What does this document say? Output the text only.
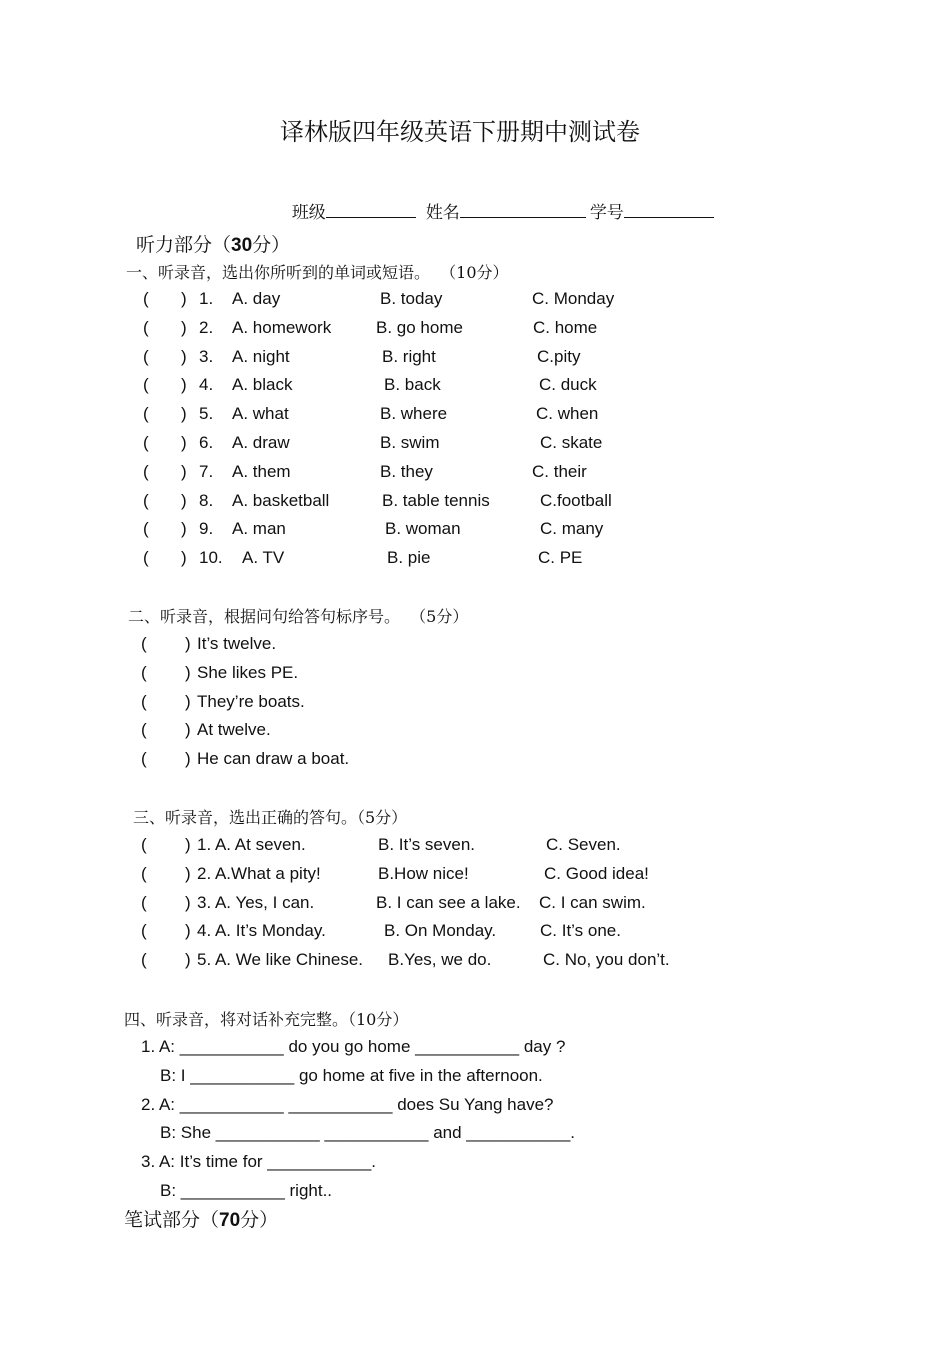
译林版四年级英语下册期中测试卷

班级	姓名	学号

听力部分（30分）
一、听录音，选出你所听到的单词或短语。  （10分）
( ) 1. A. day	B. today	C. Monday
( ) 2. A. homework	B. go home	C. home
( ) 3. A. night	B. right	C.pity
( ) 4. A. black	B. back	C. duck
( ) 5. A. what	B. where	C. when
( ) 6. A. draw	B. swim	C. skate
( ) 7. A. them	B. they	C. their
( ) 8. A. basketball	B. table tennis	C.football
( ) 9. A. man	B. woman	C. many
( ) 10. A. TV	B. pie	C. PE
二、听录音，根据问句给答句标序号。  （5分）
( ) It’s twelve.
( ) She likes PE.
( ) They’re boats.
( ) At twelve.
( ) He can draw a boat.
三、听录音，选出正确的答句。（5分）
( ) 1. A. At seven.	B. It’s seven.	C. Seven.
( ) 2. A.What a pity!	B.How nice!	C. Good idea!
( ) 3. A. Yes, I can.	B. I can see a lake. C. I can swim.
( ) 4. A. It’s Monday.	B. On Monday.	C. It’s one.
( ) 5. A. We like Chinese. B.Yes, we do.	C. No, you don’t.
四、听录音，将对话补充完整。（10分）
1. A: ___________ do you go home ___________ day ?
B: I ___________ go home at five in the afternoon.
2. A: ___________ ___________ does Su Yang have?
B: She ___________ ___________ and ___________.
3. A: It’s time for ___________.
B: ___________ right..
笔试部分（70分）
